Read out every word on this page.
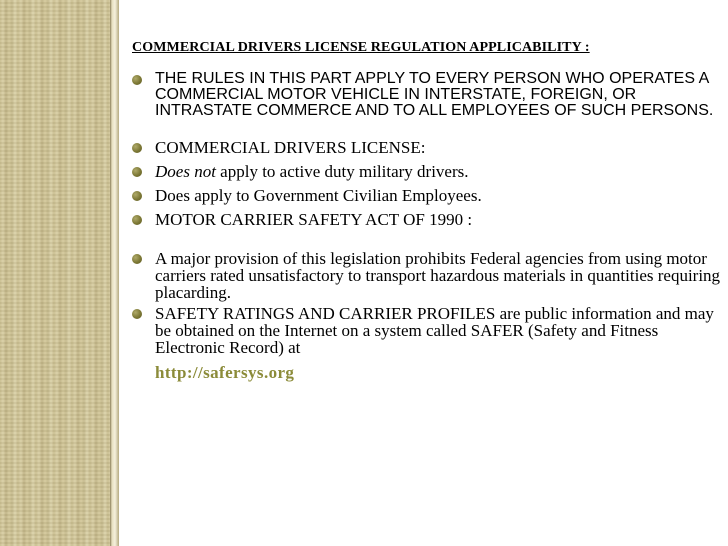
COMMERCIAL DRIVERS LICENSE REGULATION APPLICABILITY :
THE RULES IN THIS PART APPLY TO EVERY PERSON WHO OPERATES A COMMERCIAL MOTOR VEHICLE IN INTERSTATE, FOREIGN, OR INTRASTATE COMMERCE AND TO ALL EMPLOYEES OF SUCH PERSONS.
COMMERCIAL DRIVERS LICENSE:
Does not apply to active duty military drivers.
Does apply to Government Civilian Employees.
MOTOR CARRIER SAFETY ACT OF 1990 :
A major provision of this legislation prohibits Federal agencies from using motor carriers rated unsatisfactory to transport hazardous materials in quantities requiring placarding.
SAFETY RATINGS AND CARRIER PROFILES are public information and may be obtained on the Internet on a system called SAFER (Safety and Fitness Electronic Record) at
http://safersys.org
